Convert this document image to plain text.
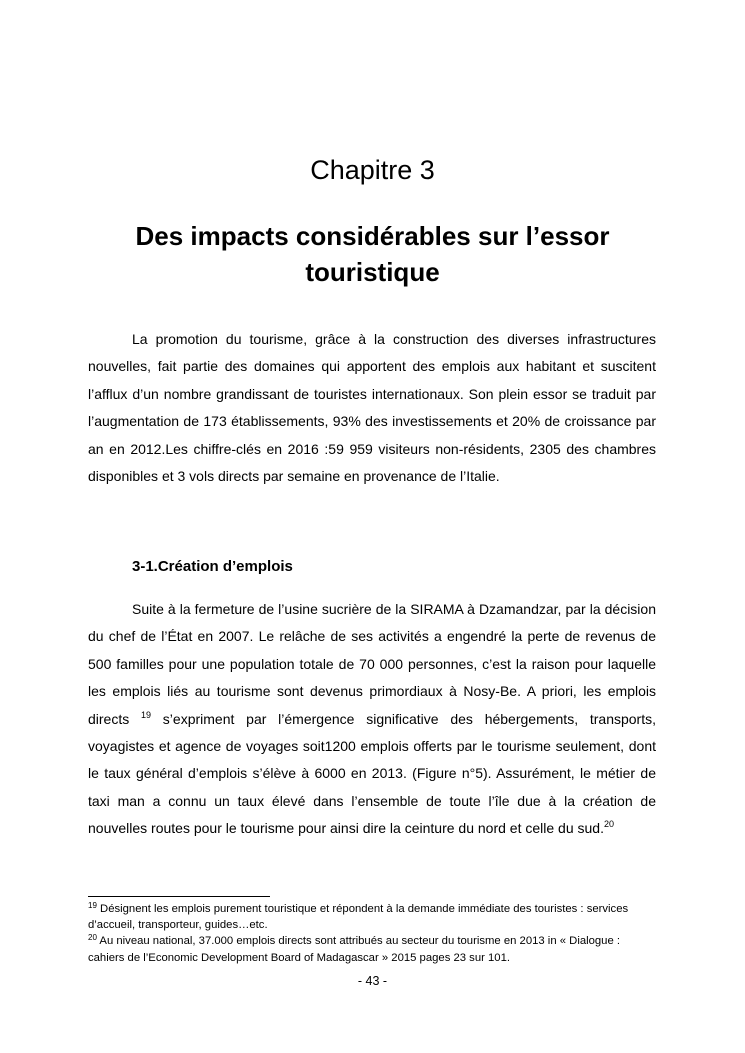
Chapitre 3
Des impacts considérables sur l’essor touristique

La promotion du tourisme, grâce à la construction des diverses infrastructures nouvelles, fait partie des domaines qui apportent des emplois aux habitant et suscitent l’afflux d’un nombre grandissant de touristes internationaux. Son plein essor se traduit par l’augmentation de 173 établissements, 93% des investissements et 20% de croissance par an en 2012.Les chiffre-clés en 2016 :59 959 visiteurs non-résidents, 2305 des chambres disponibles et 3 vols directs par semaine en provenance de l’Italie.

3-1.Création d’emplois

Suite à la fermeture de l’usine sucrière de la SIRAMA à Dzamandzar, par la décision du chef de l’État en 2007. Le relâche de ses activités a engendré la perte de revenus de 500 familles pour une population totale de 70 000 personnes, c’est la raison pour laquelle les emplois liés au tourisme sont devenus primordiaux à Nosy-Be. A priori, les emplois directs $^{19}$ s’expriment par l’émergence significative des hébergements, transports, voyagistes et agence de voyages soit1200 emplois offerts par le tourisme seulement, dont le taux général d’emplois s’élève à 6000 en 2013. (Figure n°5). Assurément, le métier de taxi man a connu un taux élevé dans l’ensemble de toute l’île due à la création de nouvelles routes pour le tourisme pour ainsi dire la ceinture du nord et celle du sud.$^{20}$

$^{19}$ Désignent les emplois purement touristique et répondent à la demande immédiate des touristes : services d’accueil, transporteur, guides…etc.

$^{20}$ Au niveau national, 37.000 emplois directs sont attribués au secteur du tourisme en 2013 in « Dialogue : cahiers de l’Economic Development Board of Madagascar » 2015 pages 23 sur 101.

- 43 -
